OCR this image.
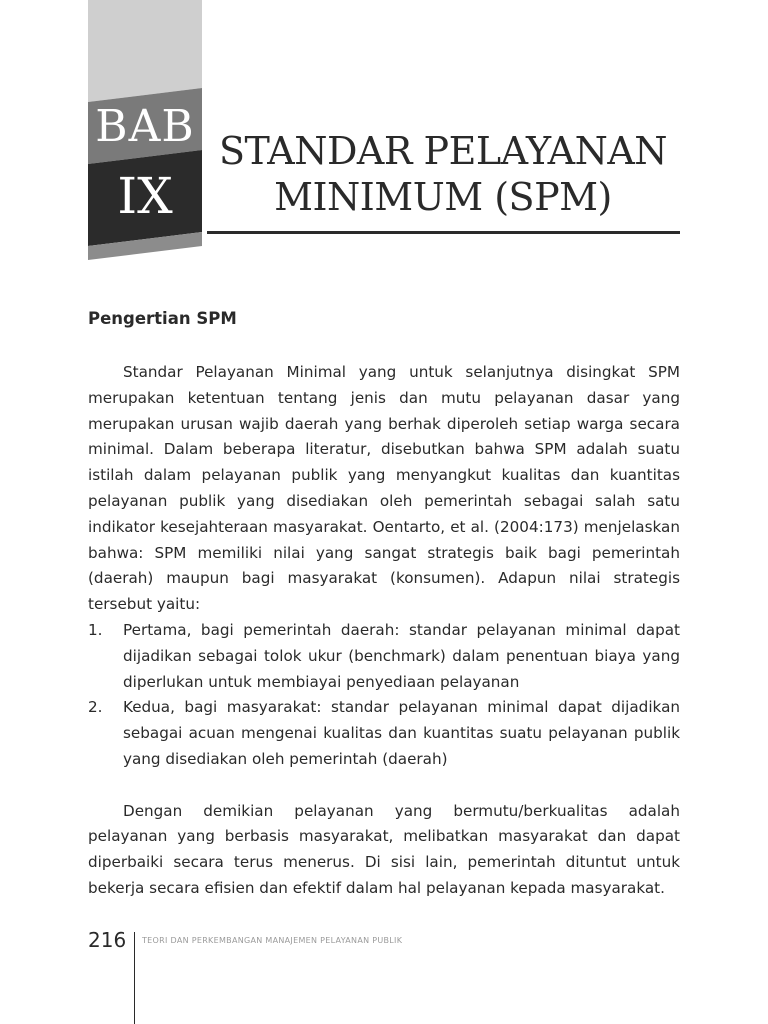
BAB
IX
STANDAR PELAYANAN
MINIMUM (SPM)
Pengertian SPM

Standar Pelayanan Minimal yang untuk selanjutnya disingkat SPM merupakan ketentuan tentang jenis dan mutu pelayanan dasar yang merupakan urusan wajib daerah yang berhak diperoleh setiap warga secara minimal. Dalam beberapa literatur, disebutkan bahwa SPM adalah suatu istilah dalam pelayanan publik yang menyangkut kualitas dan kuantitas pelayanan publik yang disediakan oleh pemerintah sebagai salah satu indikator kesejahteraan masyarakat. Oentarto, et al. (2004:173) menjelaskan bahwa: SPM memiliki nilai yang sangat strategis baik bagi pemerintah (daerah) maupun bagi masyarakat (konsumen). Adapun nilai strategis tersebut yaitu:

1. Pertama, bagi pemerintah daerah: standar pelayanan minimal dapat dijadikan sebagai tolok ukur (benchmark) dalam penentuan biaya yang diperlukan untuk membiayai penyediaan pelayanan
2. Kedua, bagi masyarakat: standar pelayanan minimal dapat dijadikan sebagai acuan mengenai kualitas dan kuantitas suatu pelayanan publik yang disediakan oleh pemerintah (daerah)

Dengan demikian pelayanan yang bermutu/berkualitas adalah pelayanan yang berbasis masyarakat, melibatkan masyarakat dan dapat diperbaiki secara terus menerus. Di sisi lain, pemerintah dituntut untuk bekerja secara efisien dan efektif dalam hal pelayanan kepada masyarakat.

216 TEORI DAN PERKEMBANGAN MANAJEMEN PELAYANAN PUBLIK
